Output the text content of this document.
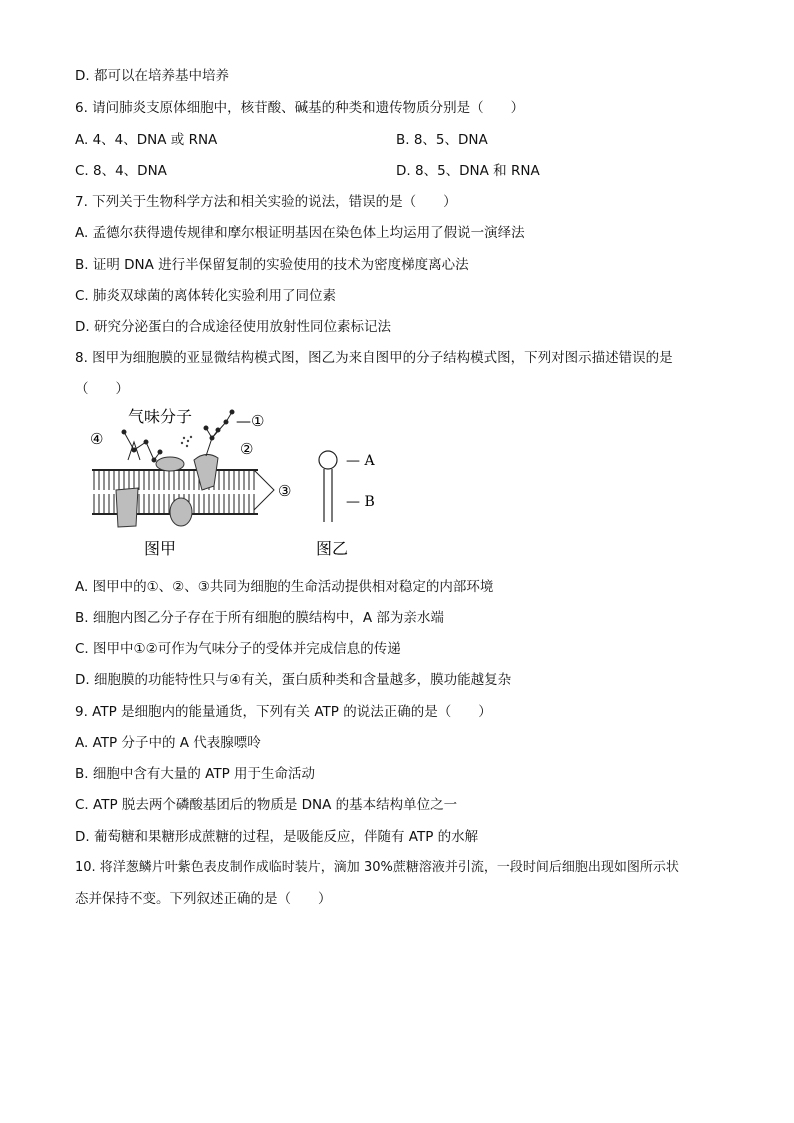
D. 都可以在培养基中培养
6. 请问肺炎支原体细胞中，核苷酸、碱基的种类和遗传物质分别是（　　）
A. 4、4、DNA 或 RNA	B. 8、5、DNA
C. 8、4、DNA	D. 8、5、DNA 和 RNA
7. 下列关于生物科学方法和相关实验的说法，错误的是（　　）
A. 孟德尔获得遗传规律和摩尔根证明基因在染色体上均运用了假说一演绎法
B. 证明 DNA 进行半保留复制的实验使用的技术为密度梯度离心法
C. 肺炎双球菌的离体转化实验利用了同位素
D. 研究分泌蛋白的合成途径使用放射性同位素标记法
8. 图甲为细胞膜的亚显微结构模式图，图乙为来自图甲的分子结构模式图，下列对图示描述错误的是
（　　）
气味分子	—①
②
③
④
— A
— B
图甲	图乙
A. 图甲中的①、②、③共同为细胞的生命活动提供相对稳定的内部环境
B. 细胞内图乙分子存在于所有细胞的膜结构中，A 部为亲水端
C. 图甲中①②可作为气味分子的受体并完成信息的传递
D. 细胞膜的功能特性只与④有关，蛋白质种类和含量越多，膜功能越复杂
9. ATP 是细胞内的能量通货，下列有关 ATP 的说法正确的是（　　）
A. ATP 分子中的 A 代表腺嘌呤
B. 细胞中含有大量的 ATP 用于生命活动
C. ATP 脱去两个磷酸基团后的物质是 DNA 的基本结构单位之一
D. 葡萄糖和果糖形成蔗糖的过程，是吸能反应，伴随有 ATP 的水解
10. 将洋葱鳞片叶紫色表皮制作成临时装片，滴加 30%蔗糖溶液并引流，一段时间后细胞出现如图所示状
态并保持不变。下列叙述正确的是（　　）
